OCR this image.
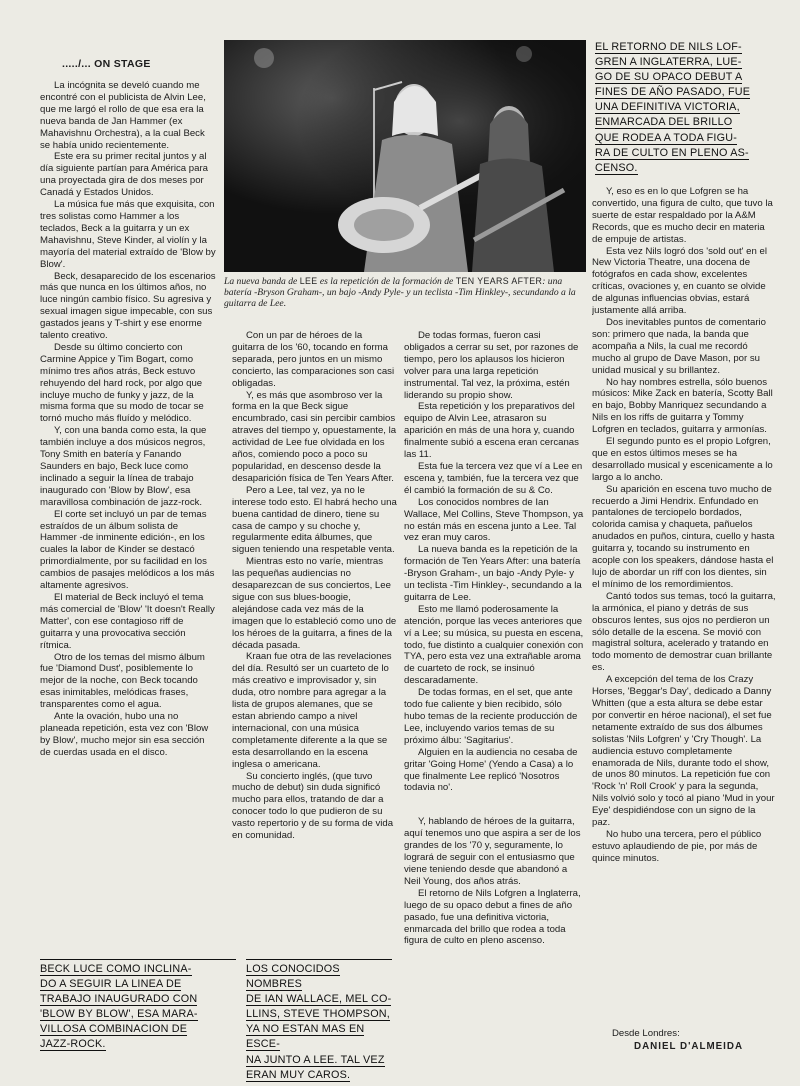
...../... ON STAGE
La nueva banda de LEE es la repetición de la formación de TEN YEARS AFTER: una batería -Bryson Graham-, un bajo -Andy Pyle- y un teclista -Tim Hinkley-, secundando a la guitarra de Lee.
EL RETORNO DE NILS LOF-
GREN A INGLATERRA, LUE-
GO DE SU OPACO DEBUT A
FINES DE AÑO PASADO, FUE
UNA DEFINITIVA VICTORIA,
ENMARCADA DEL BRILLO
QUE RODEA A TODA FIGU-
RA DE CULTO EN PLENO AS-
CENSO.

La incógnita se develó cuando me encontré con el publicista de Alvin Lee, que me largó el rollo de que esa era la nueva banda de Jan Hammer (ex Mahavishnu Orchestra), a la cual Beck se había unido recientemente.

Este era su primer recital juntos y al día siguiente partían para América para una proyectada gira de dos meses por Canadá y Estados Unidos.

La música fue más que exquisita, con tres solistas como Hammer a los teclados, Beck a la guitarra y un ex Mahavishnu, Steve Kinder, al violín y la mayoría del material extraído de 'Blow by Blow'.

Beck, desaparecido de los escenarios más que nunca en los últimos años, no luce ningún cambio físico. Su agresiva y sexual imagen sigue impecable, con sus gastados jeans y T-shirt y ese enorme talento creativo.

Desde su último concierto con Carmine Appice y Tim Bogart, como mínimo tres años atrás, Beck estuvo rehuyendo del hard rock, por algo que incluye mucho de funky y jazz, de la misma forma que su modo de tocar se tornó mucho más fluído y melódico.

Y, con una banda como esta, la que también incluye a dos músicos negros, Tony Smith en batería y Fanando Saunders en bajo, Beck luce como inclinado a seguir la línea de trabajo inaugurado con 'Blow by Blow', esa maravillosa combinación de jazz-rock.

El corte set incluyó un par de temas estraídos de un álbum solista de Hammer -de inminente edición-, en los cuales la labor de Kinder se destacó primordialmente, por su facilidad en los cambios de pasajes melódicos a los más altamente agresivos.

El material de Beck incluyó el tema más comercial de 'Blow' 'It doesn't Really Matter', con ese contagioso riff de guitarra y una provocativa sección rítmica.

Otro de los temas del mismo álbum fue 'Diamond Dust', posiblemente lo mejor de la noche, con Beck tocando esas inimitables, melódicas frases, transparentes como el agua.

Ante la ovación, hubo una no planeada repetición, esta vez con 'Blow by Blow', mucho mejor sin esa sección de cuerdas usada en el disco.

Con un par de héroes de la guitarra de los '60, tocando en forma separada, pero juntos en un mismo concierto, las comparaciones son casi obligadas.

Y, es más que asombroso ver la forma en la que Beck sigue encumbrado, casi sin percibir cambios atraves del tiempo y, opuestamente, la actividad de Lee fue olvidada en los años, comiendo poco a poco su popularidad, en descenso desde la desaparición física de Ten Years After.

Pero a Lee, tal vez, ya no le interese todo esto. El habrá hecho una buena cantidad de dinero, tiene su casa de campo y su choche y, regularmente edita álbumes, que siguen teniendo una respetable venta.

Mientras esto no varíe, mientras las pequeñas audiencias no desaparezcan de sus conciertos, Lee sigue con sus blues-boogie, alejándose cada vez más de la imagen que lo estableció como uno de los héroes de la guitarra, a fines de la década pasada.

Kraan fue otra de las revelaciones del día. Resultó ser un cuarteto de lo más creativo e improvisador y, sin duda, otro nombre para agregar a la lista de grupos alemanes, que se estan abriendo campo a nivel internacional, con una música completamente diferente a la que se esta desarrollando en la escena inglesa o americana.

Su concierto inglés, (que tuvo mucho de debut) sin duda significó mucho para ellos, tratando de dar a conocer todo lo que pudieron de su vasto repertorio y de su forma de vida en comunidad.

De todas formas, fueron casi obligados a cerrar su set, por razones de tiempo, pero los aplausos los hicieron volver para una larga repetición instrumental. Tal vez, la próxima, estén liderando su propio show.

Esta repetición y los preparativos del equipo de Alvin Lee, atrasaron su aparición en más de una hora y, cuando finalmente subió a escena eran cercanas las 11.

Esta fue la tercera vez que ví a Lee en escena y, también, fue la tercera vez que él cambió la formación de su & Co.

Los conocidos nombres de Ian Wallace, Mel Collins, Steve Thompson, ya no están más en escena junto a Lee. Tal vez eran muy caros.

La nueva banda es la repetición de la formación de Ten Years After: una batería -Bryson Graham-, un bajo -Andy Pyle- y un teclista -Tim Hinkley-, secundando a la guitarra de Lee.

Esto me llamó poderosamente la atención, porque las veces anteriores que ví a Lee; su música, su puesta en escena, todo, fue distinto a cualquier conexión con TYA, pero esta vez una extrañable aroma de cuarteto de rock, se insinuó descaradamente.

De todas formas, en el set, que ante todo fue caliente y bien recibido, sólo hubo temas de la reciente producción de Lee, incluyendo varios temas de su próximo álbu: 'Sagitarius'.

Alguien en la audiencia no cesaba de gritar 'Going Home' (Yendo a Casa) a lo que finalmente Lee replicó 'Nosotros todavia no'.

Y, hablando de héroes de la guitarra, aquí tenemos uno que aspira a ser de los grandes de los '70 y, seguramente, lo logrará de seguir con el entusiasmo que viene teniendo desde que abandonó a Neil Young, dos años atrás.

El retorno de Nils Lofgren a Inglaterra, luego de su opaco debut a fines de año pasado, fue una definitiva victoria, enmarcada del brillo que rodea a toda figura de culto en pleno ascenso.

Y, eso es en lo que Lofgren se ha convertido, una figura de culto, que tuvo la suerte de estar respaldado por la A&M Records, que es mucho decir en materia de empuje de artistas.

Esta vez Nils logró dos 'sold out' en el New Victoria Theatre, una docena de fotógrafos en cada show, excelentes críticas, ovaciones y, en cuanto se olvide de algunas influencias obvias, estará justamente allá arriba.

Dos inevitables puntos de comentario son: primero que nada, la banda que acompaña a Nils, la cual me recordó mucho al grupo de Dave Mason, por su unidad musical y su brillantez.

No hay nombres estrella, sólo buenos músicos: Mike Zack en batería, Scotty Ball en bajo, Bobby Manriquez secundando a Nils en los riffs de guitarra y Tommy Lofgren en teclados, guitarra y armonías.

El segundo punto es el propio Lofgren, que en estos últimos meses se ha desarrollado musical y escenicamente a lo largo a lo ancho.

Su aparición en escena tuvo mucho de recuerdo a Jimi Hendrix. Enfundado en pantalones de terciopelo bordados, colorida camisa y chaqueta, pañuelos anudados en puños, cintura, cuello y hasta guitarra y, tocando su instrumento en acople con los speakers, dándose hasta el lujo de abordar un riff con los dientes, sin el mínimo de los remordimientos.

Cantó todos sus temas, tocó la guitarra, la armónica, el piano y detrás de sus obscuros lentes, sus ojos no perdieron un sólo detalle de la escena. Se movió con magistral soltura, acelerado y tratando en todo momento de demostrar cuan brillante es.

A excepción del tema de los Crazy Horses, 'Beggar's Day', dedicado a Danny Whitten (que a esta altura se debe estar por convertir en héroe nacional), el set fue netamente extraído de sus dos álbumes solistas 'Nils Lofgren' y 'Cry Though'. La audiencia estuvo completamente enamorada de Nils, durante todo el show, de unos 80 minutos. La repetición fue con 'Rock 'n' Roll Crook' y para la segunda, Nils volvió solo y tocó al piano 'Mud in your Eye' despidiéndose con un signo de la paz.

No hubo una tercera, pero el público estuvo aplaudiendo de pie, por más de quince minutos.

Desde Londres:
DANIEL D'ALMEIDA
BECK LUCE COMO INCLINA-
DO A SEGUIR LA LINEA DE
TRABAJO INAUGURADO CON
'BLOW BY BLOW', ESA MARA-
VILLOSA COMBINACION DE
JAZZ-ROCK.
LOS CONOCIDOS NOMBRES
DE IAN WALLACE, MEL CO-
LLINS, STEVE THOMPSON,
YA NO ESTAN MAS EN ESCE-
NA JUNTO A LEE. TAL VEZ
ERAN MUY CAROS.
